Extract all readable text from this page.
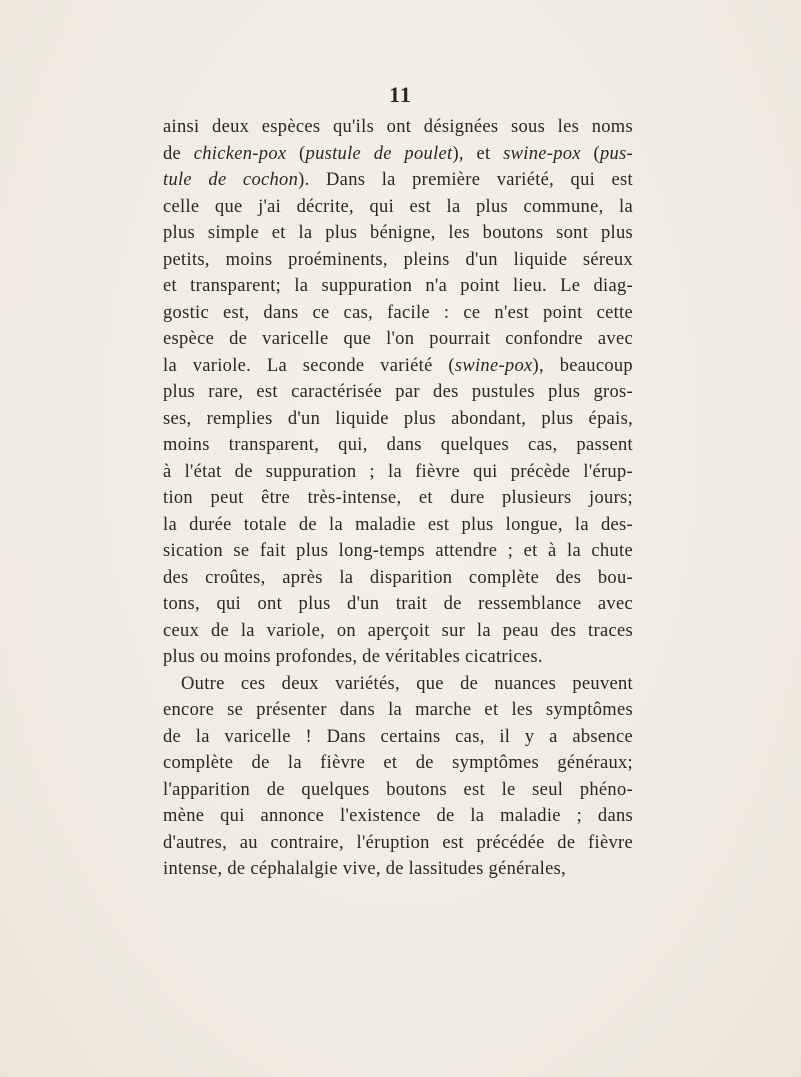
11
ainsi deux espèces qu'ils ont désignées sous les noms
de chicken-pox (pustule de poulet), et swine-pox (pus-
tule de cochon). Dans la première variété, qui est
celle que j'ai décrite, qui est la plus commune, la
plus simple et la plus bénigne, les boutons sont plus
petits, moins proéminents, pleins d'un liquide séreux
et transparent; la suppuration n'a point lieu. Le diag-
gostic est, dans ce cas, facile : ce n'est point cette
espèce de varicelle que l'on pourrait confondre avec
la variole. La seconde variété (swine-pox), beaucoup
plus rare, est caractérisée par des pustules plus gros-
ses, remplies d'un liquide plus abondant, plus épais,
moins transparent, qui, dans quelques cas, passent
à l'état de suppuration ; la fièvre qui précède l'érup-
tion peut être très-intense, et dure plusieurs jours;
la durée totale de la maladie est plus longue, la des-
sication se fait plus long-temps attendre ; et à la chute
des croûtes, après la disparition complète des bou-
tons, qui ont plus d'un trait de ressemblance avec
ceux de la variole, on aperçoit sur la peau des traces
plus ou moins profondes, de véritables cicatrices.
Outre ces deux variétés, que de nuances peuvent
encore se présenter dans la marche et les symptômes
de la varicelle ! Dans certains cas, il y a absence
complète de la fièvre et de symptômes généraux;
l'apparition de quelques boutons est le seul phéno-
mène qui annonce l'existence de la maladie ; dans
d'autres, au contraire, l'éruption est précédée de fièvre
intense, de céphalalgie vive, de lassitudes générales,
